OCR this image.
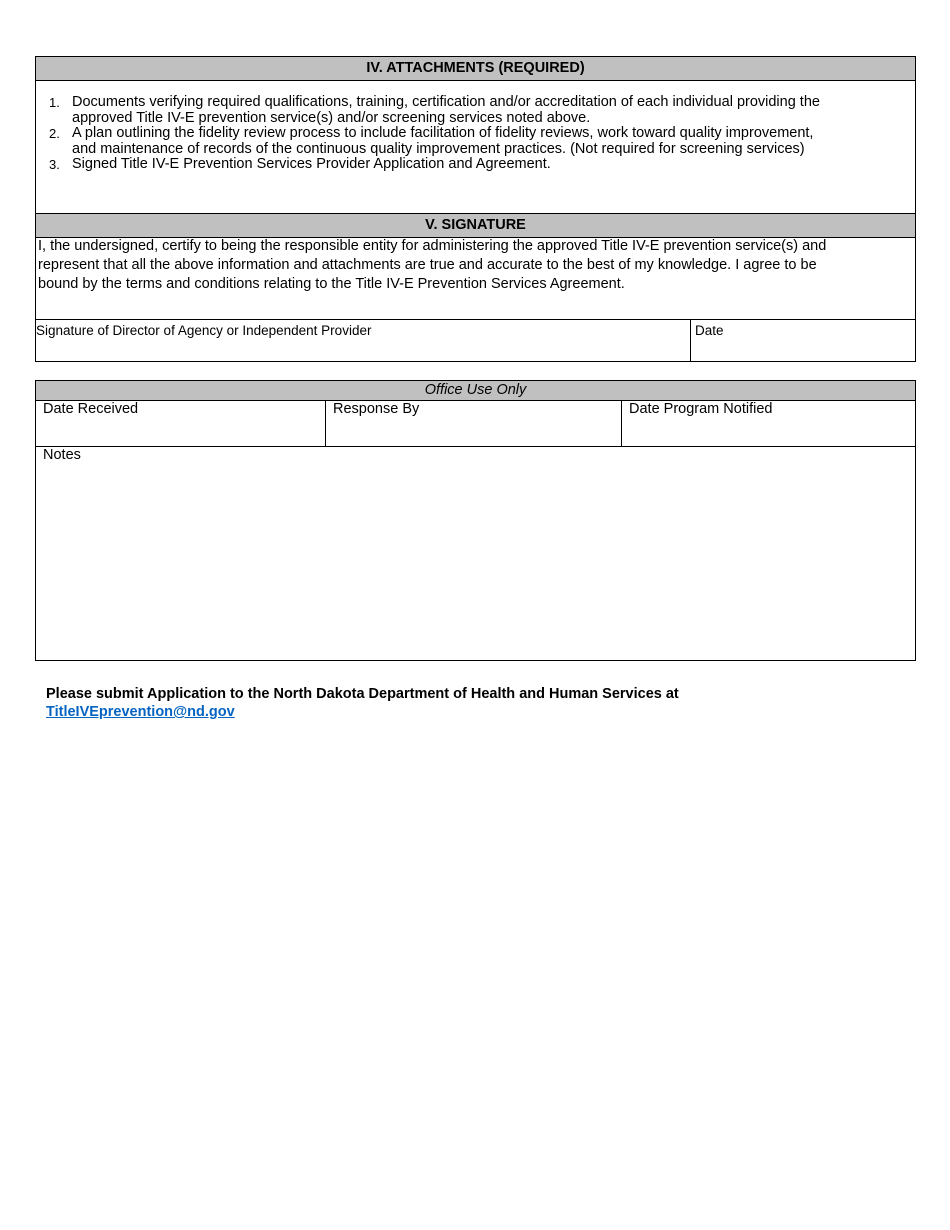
IV. ATTACHMENTS (REQUIRED)
1. Documents verifying required qualifications, training, certification and/or accreditation of each individual providing the
approved Title IV-E prevention service(s) and/or screening services noted above.
2. A plan outlining the fidelity review process to include facilitation of fidelity reviews, work toward quality improvement,
and maintenance of records of the continuous quality improvement practices. (Not required for screening services)
3. Signed Title IV-E Prevention Services Provider Application and Agreement.
V. SIGNATURE
I, the undersigned, certify to being the responsible entity for administering the approved Title IV-E prevention service(s) and
represent that all the above information and attachments are true and accurate to the best of my knowledge. I agree to be
bound by the terms and conditions relating to the Title IV-E Prevention Services Agreement.
Signature of Director of Agency or Independent Provider	Date
Office Use Only
Date Received	Response By	Date Program Notified
Notes
Please submit Application to the North Dakota Department of Health and Human Services at
TitleIVEprevention@nd.gov
